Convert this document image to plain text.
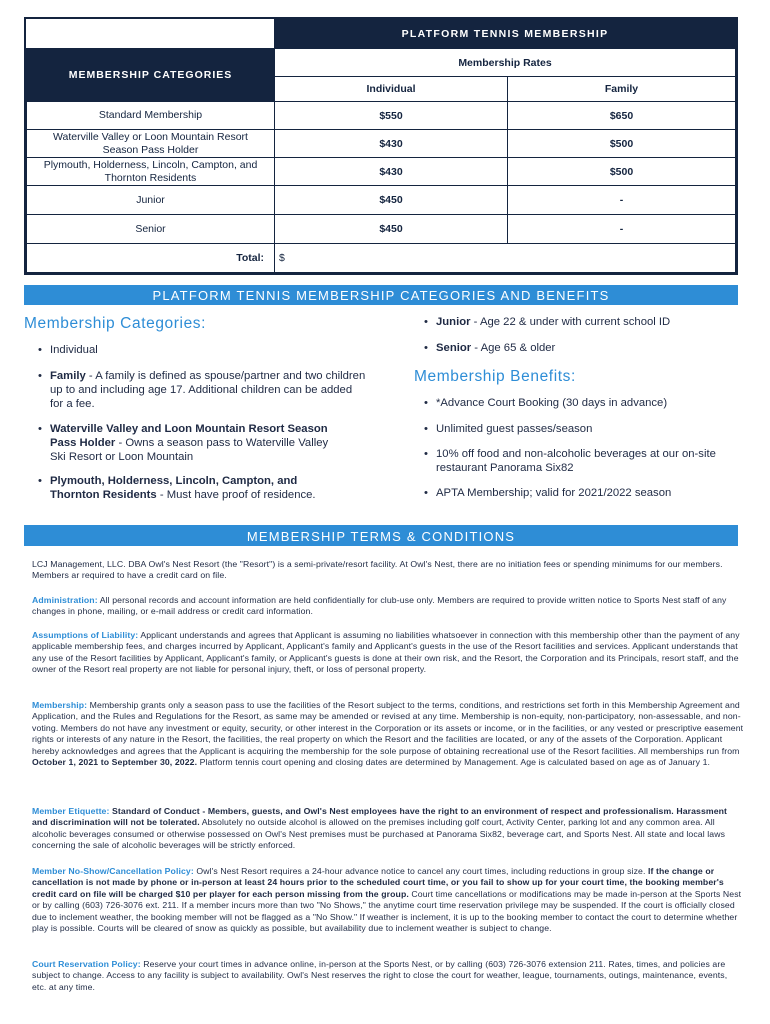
	PLATFORM TENNIS MEMBERSHIP	
MEMBERSHIP CATEGORIES	Membership Rates	
	Individual	Family
Standard Membership	$550	$650
Waterville Valley or Loon Mountain Resort Season Pass Holder	$430	$500
Plymouth, Holderness, Lincoln, Campton, and Thornton Residents	$430	$500
Junior	$450	-
Senior	$450	-
Total:	$	
PLATFORM TENNIS MEMBERSHIP CATEGORIES AND BENEFITS
Membership Categories:
• Individual
• Family - A family is defined as spouse/partner and two children up to and including age 17. Additional children can be added for a fee.
• Waterville Valley and Loon Mountain Resort Season Pass Holder - Owns a season pass to Waterville Valley Ski Resort or Loon Mountain
• Plymouth, Holderness, Lincoln, Campton, and Thornton Residents - Must have proof of residence.
• Junior - Age 22 & under with current school ID
• Senior - Age 65 & older
Membership Benefits:
• *Advance Court Booking (30 days in advance)
• Unlimited guest passes/season
• 10% off food and non-alcoholic beverages at our on-site restaurant Panorama Six82
• APTA Membership; valid for 2021/2022 season
MEMBERSHIP TERMS & CONDITIONS

LCJ Management, LLC. DBA Owl's Nest Resort (the "Resort") is a semi-private/resort facility. At Owl's Nest, there are no initiation fees or spending minimums for our members. Members ar required to have a credit card on file.

Administration: All personal records and account information are held confidentially for club-use only. Members are required to provide written notice to Sports Nest staff of any changes in phone, mailing, or e-mail address or credit card information.

Assumptions of Liability: Applicant understands and agrees that Applicant is assuming no liabilities whatsoever in connection with this membership other than the payment of any applicable membership fees, and charges incurred by Applicant, Applicant's family and Applicant's guests in the use of the Resort facilities and services. Applicant understands that any use of the Resort facilities by Applicant, Applicant's family, or Applicant's guests is done at their own risk, and the Resort, the Corporation and its Principals, resort staff, and the owner of the Resort real property are not liable for personal injury, theft, or loss of personal property.

Membership: Membership grants only a season pass to use the facilities of the Resort subject to the terms, conditions, and restrictions set forth in this Membership Agreement and Application, and the Rules and Regulations for the Resort, as same may be amended or revised at any time. Membership is non-equity, non-participatory, non-assessable, and non-voting. Members do not have any investment or equity, security, or other interest in the Corporation or its assets or income, or in the facilities, or any vested or prescriptive easement rights or interests of any nature in the Resort, the facilities, the real property on which the Resort and the facilities are located, or any of the assets of the Corporation. Applicant hereby acknowledges and agrees that the Applicant is acquiring the membership for the sole purpose of obtaining recreational use of the Resort facilities. All memberships run from October 1, 2021 to September 30, 2022. Platform tennis court opening and closing dates are determined by Management. Age is calculated based on age as of January 1.

Member Etiquette: Standard of Conduct - Members, guests, and Owl's Nest employees have the right to an environment of respect and professionalism. Harassment and discrimination will not be tolerated. Absolutely no outside alcohol is allowed on the premises including golf court, Activity Center, parking lot and any common area. All alcoholic beverages consumed or otherwise possessed on Owl's Nest premises must be purchased at Panorama Six82, beverage cart, and Sports Nest. All state and local laws concerning the sale of alcoholic beverages will be strictly enforced.

Member No-Show/Cancellation Policy: Owl's Nest Resort requires a 24-hour advance notice to cancel any court times, including reductions in group size. If the change or cancellation is not made by phone or in-person at least 24 hours prior to the scheduled court time, or you fail to show up for your court time, the booking member's credit card on file will be charged $10 per player for each person missing from the group. Court time cancellations or modifications may be made in-person at the Sports Nest or by calling (603) 726-3076 ext. 211. If a member incurs more than two "No Shows," the anytime court time reservation privilege may be suspended. If the court is officially closed due to inclement weather, the booking member will not be flagged as a "No Show." If weather is inclement, it is up to the booking member to contact the court to determine whether play is possible. Courts will be cleared of snow as quickly as possible, but availability due to inclement weather is subject to change.

Court Reservation Policy: Reserve your court times in advance online, in-person at the Sports Nest, or by calling (603) 726-3076 extension 211. Rates, times, and policies are subject to change. Access to any facility is subject to availability. Owl's Nest reserves the right to close the court for weather, league, tournaments, outings, maintenance, events, etc. at any time.
